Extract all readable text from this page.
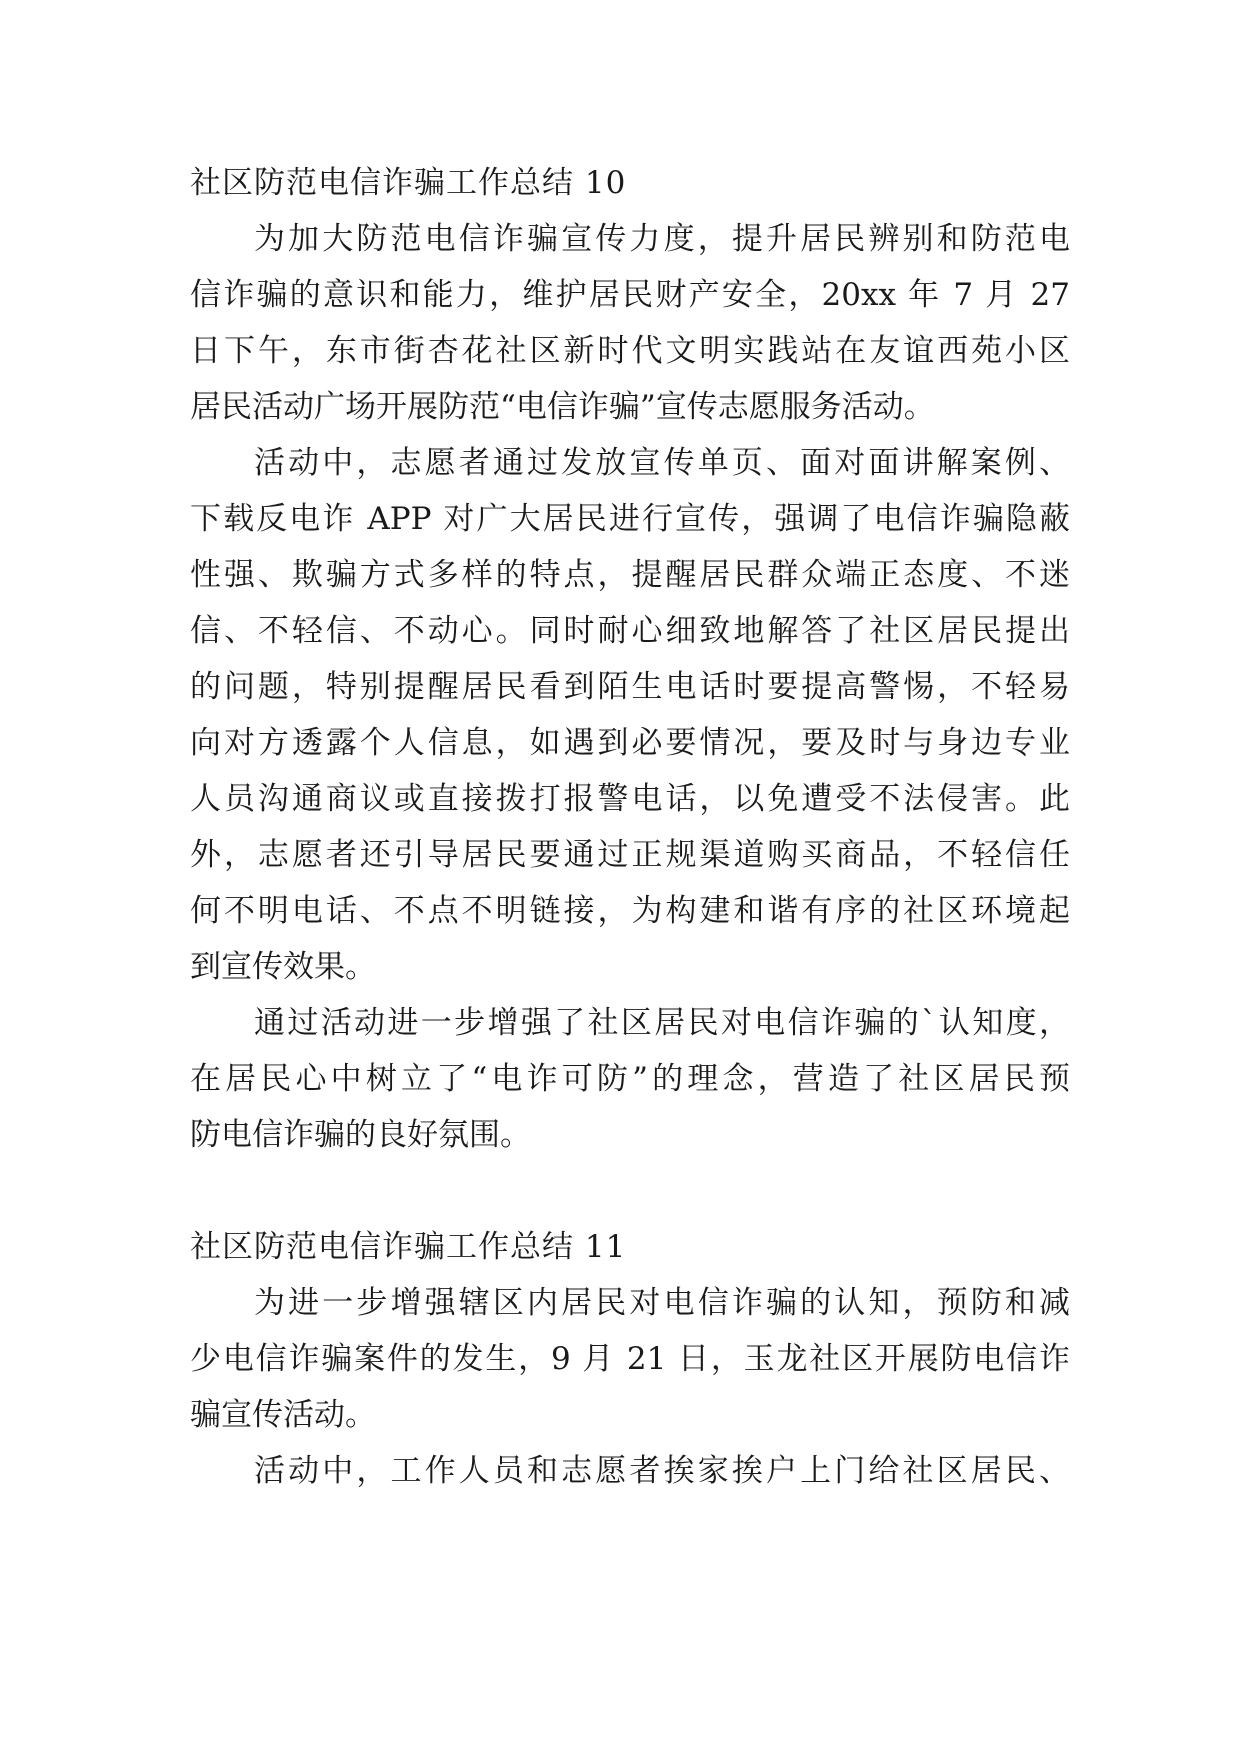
社区防范电信诈骗工作总结 10

为加大防范电信诈骗宣传力度，提升居民辨别和防范电

信诈骗的意识和能力，维护居民财产安全，20xx 年 7 月 27

日下午，东市街杏花社区新时代文明实践站在友谊西苑小区

居民活动广场开展防范“电信诈骗”宣传志愿服务活动。

活动中，志愿者通过发放宣传单页、面对面讲解案例、

下载反电诈 APP 对广大居民进行宣传，强调了电信诈骗隐蔽

性强、欺骗方式多样的特点，提醒居民群众端正态度、不迷

信、不轻信、不动心。同时耐心细致地解答了社区居民提出

的问题，特别提醒居民看到陌生电话时要提高警惕，不轻易

向对方透露个人信息，如遇到必要情况，要及时与身边专业

人员沟通商议或直接拨打报警电话，以免遭受不法侵害。此

外，志愿者还引导居民要通过正规渠道购买商品，不轻信任

何不明电话、不点不明链接，为构建和谐有序的社区环境起

到宣传效果。

通过活动进一步增强了社区居民对电信诈骗的`认知度，

在居民心中树立了“电诈可防”的理念，营造了社区居民预

防电信诈骗的良好氛围。

社区防范电信诈骗工作总结 11

为进一步增强辖区内居民对电信诈骗的认知，预防和减

少电信诈骗案件的发生，9 月 21 日，玉龙社区开展防电信诈

骗宣传活动。

活动中，工作人员和志愿者挨家挨户上门给社区居民、
